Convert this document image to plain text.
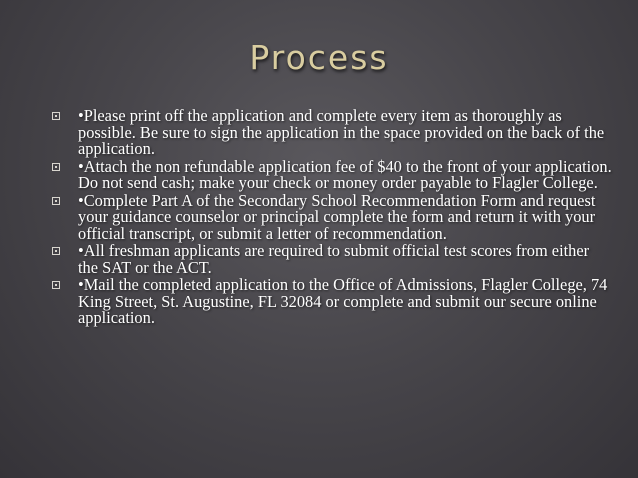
Process
•Please print off the application and complete every item as thoroughly as possible. Be sure to sign the application in the space provided on the back of the application.
•Attach the non refundable application fee of $40 to the front of your application. Do not send cash; make your check or money order payable to Flagler College.
•Complete Part A of the Secondary School Recommendation Form and request your guidance counselor or principal complete the form and return it with your official transcript, or submit a letter of recommendation.
•All freshman applicants are required to submit official test scores from either the SAT or the ACT.
•Mail the completed application to the Office of Admissions, Flagler College, 74 King Street, St. Augustine, FL 32084 or complete and submit our secure online application.
